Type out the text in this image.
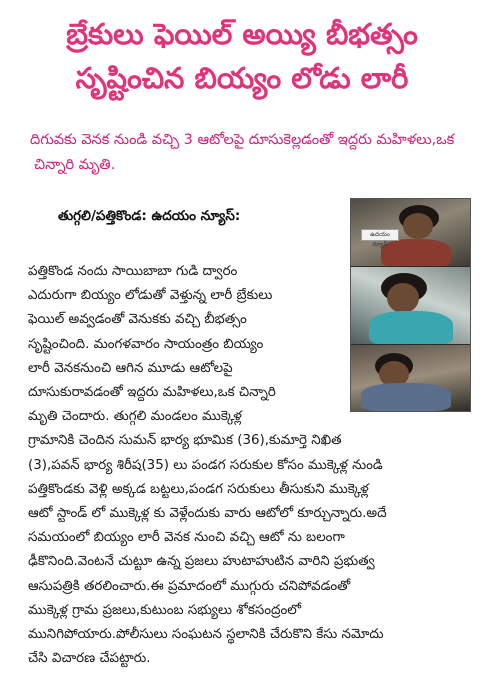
బ్రేకులు ఫెయిల్ అయ్యి బీభత్సం
సృష్టించిన బియ్యం లోడు లారీ
దిగువకు వెనక నుండి వచ్చి 3 ఆటోలపై దూసుకెల్లడంతో ఇద్దరు మహిళలు,ఒక
చిన్నారి మృతి.
తుగ్గలి/పత్తికొండ: ఉదయం న్యూస్:
ఉదయం న్యూస్
పత్తికొండ నందు సాయిబాబా గుడి ద్వారం
ఎదురుగా బియ్యం లోడుతో వెళ్తున్న లారీ బ్రేకులు
ఫెయిల్ అవ్వడంతో వెనుకకు వచ్చి బీభత్సం
సృష్టించింది. మంగళవారం సాయంత్రం బియ్యం
లారీ వెనకనుంచి ఆగిన మూడు ఆటోలపై
దూసుకురావడంతో ఇద్దరు మహిళలు,ఒక చిన్నారి
మృతి చెందారు. తుగ్గలి మండలం ముక్కెళ్ల
గ్రామానికి చెందిన సుమన్ భార్య భూమిక (36),కుమార్తె నిఖిత
(3),పవన్ భార్య శిరీష(35) లు పండగ సరుకుల కోసం ముక్కెళ్ల నుండి
పత్తికొండకు వెళ్లి అక్కడ బట్టలు,పండగ సరుకులు తీసుకుని ముక్కెళ్ల
ఆటో స్టాండ్ లో ముక్కెళ్ల కు వెళ్లేందుకు వారు ఆటోలో కూర్చున్నారు.అదే
సమయంలో బియ్యం లారీ వెనక నుంచి వచ్చి ఆటో ను బలంగా
ఢీకొనింది.వెంటనే చుట్టూ ఉన్న ప్రజలు హుటాహుటిన వారిని ప్రభుత్వ
ఆసుపత్రికి తరలించారు.ఈ ప్రమాదంలో ముగ్గురు చనిపోవడంతో
ముక్కెళ్ల గ్రామ ప్రజలు,కుటుంబ సభ్యులు శోకసంద్రంలో
మునిగిపోయారు.పోలీసులు సంఘటన స్థలానికి చేరుకొని కేసు నమోదు
చేసి విచారణ చేపట్టారు.
